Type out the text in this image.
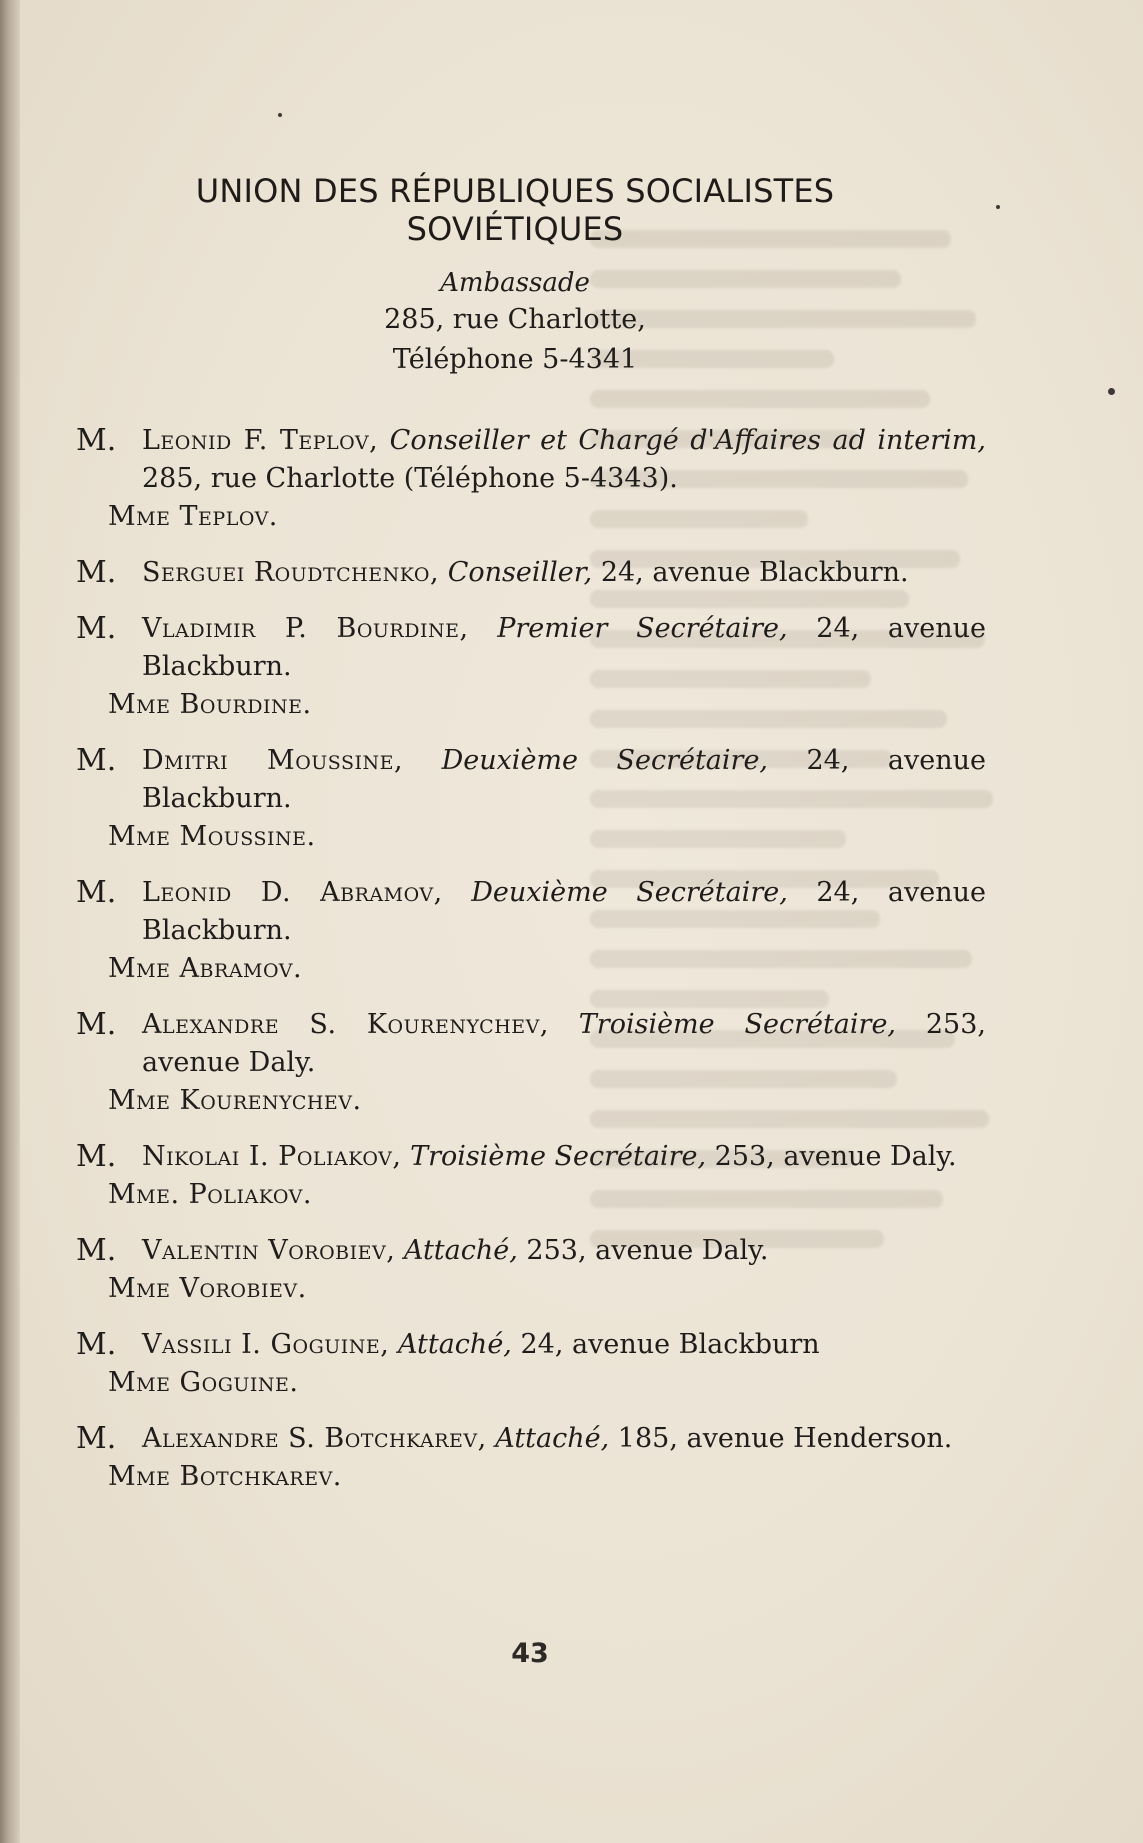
UNION DES RÉPUBLIQUES SOCIALISTES
SOVIÉTIQUES
Ambassade
285, rue Charlotte,
Téléphone 5-4341
M. Leonid F. Teplov, Conseiller et Chargé d'Affaires ad interim, 285, rue Charlotte (Téléphone 5-4343).
Mme Teplov.
M. Serguei Roudtchenko, Conseiller, 24, avenue Blackburn.
M. Vladimir P. Bourdine, Premier Secrétaire, 24, avenue Blackburn.
Mme Bourdine.
M. Dmitri Moussine, Deuxième Secrétaire, 24, avenue Blackburn.
Mme Moussine.
M. Leonid D. Abramov, Deuxième Secrétaire, 24, avenue Blackburn.
Mme Abramov.
M. Alexandre S. Kourenychev, Troisième Secrétaire, 253, avenue Daly.
Mme Kourenychev.
M. Nikolai I. Poliakov, Troisième Secrétaire, 253, avenue Daly.
Mme. Poliakov.
M. Valentin Vorobiev, Attaché, 253, avenue Daly.
Mme Vorobiev.
M. Vassili I. Goguine, Attaché, 24, avenue Blackburn
Mme Goguine.
M. Alexandre S. Botchkarev, Attaché, 185, avenue Henderson.
Mme Botchkarev.
43
